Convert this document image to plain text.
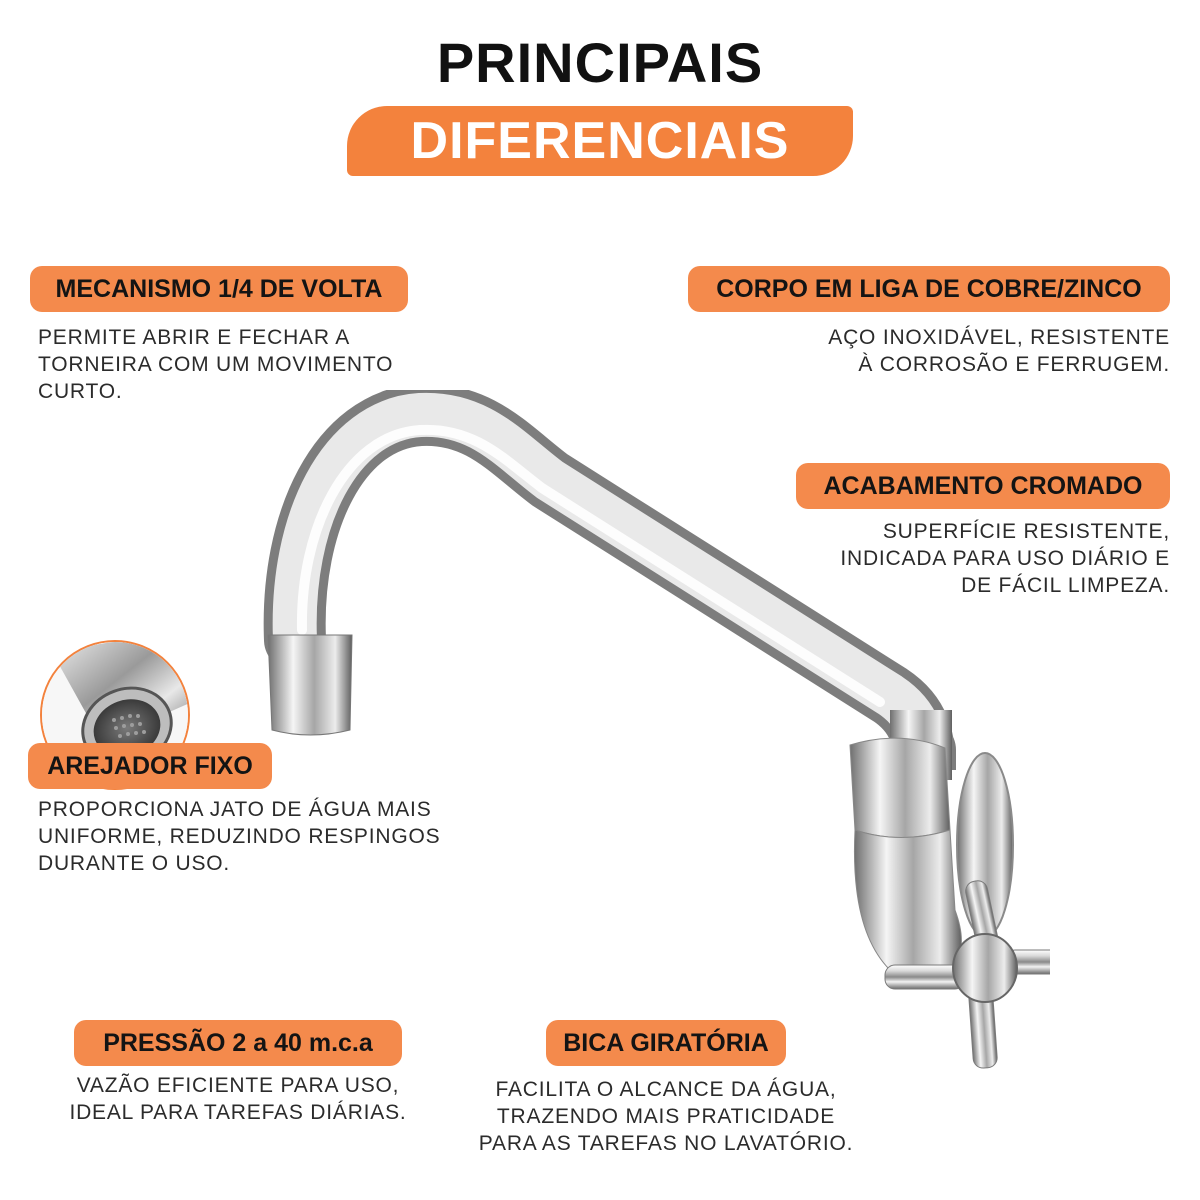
PRINCIPAIS
DIFERENCIAIS
MECANISMO 1/4 DE VOLTA
PERMITE ABRIR E FECHAR A
TORNEIRA COM UM MOVIMENTO
CURTO.
CORPO EM LIGA DE COBRE/ZINCO
AÇO INOXIDÁVEL, RESISTENTE
À CORROSÃO E FERRUGEM.
ACABAMENTO CROMADO
SUPERFÍCIE RESISTENTE,
INDICADA PARA USO DIÁRIO E
DE FÁCIL LIMPEZA.
AREJADOR FIXO
PROPORCIONA JATO DE ÁGUA MAIS
UNIFORME, REDUZINDO RESPINGOS
DURANTE O USO.
PRESSÃO 2 a 40 m.c.a
VAZÃO EFICIENTE PARA USO,
IDEAL PARA TAREFAS DIÁRIAS.
BICA GIRATÓRIA
FACILITA O ALCANCE DA ÁGUA,
TRAZENDO MAIS PRATICIDADE
PARA AS TAREFAS NO LAVATÓRIO.
